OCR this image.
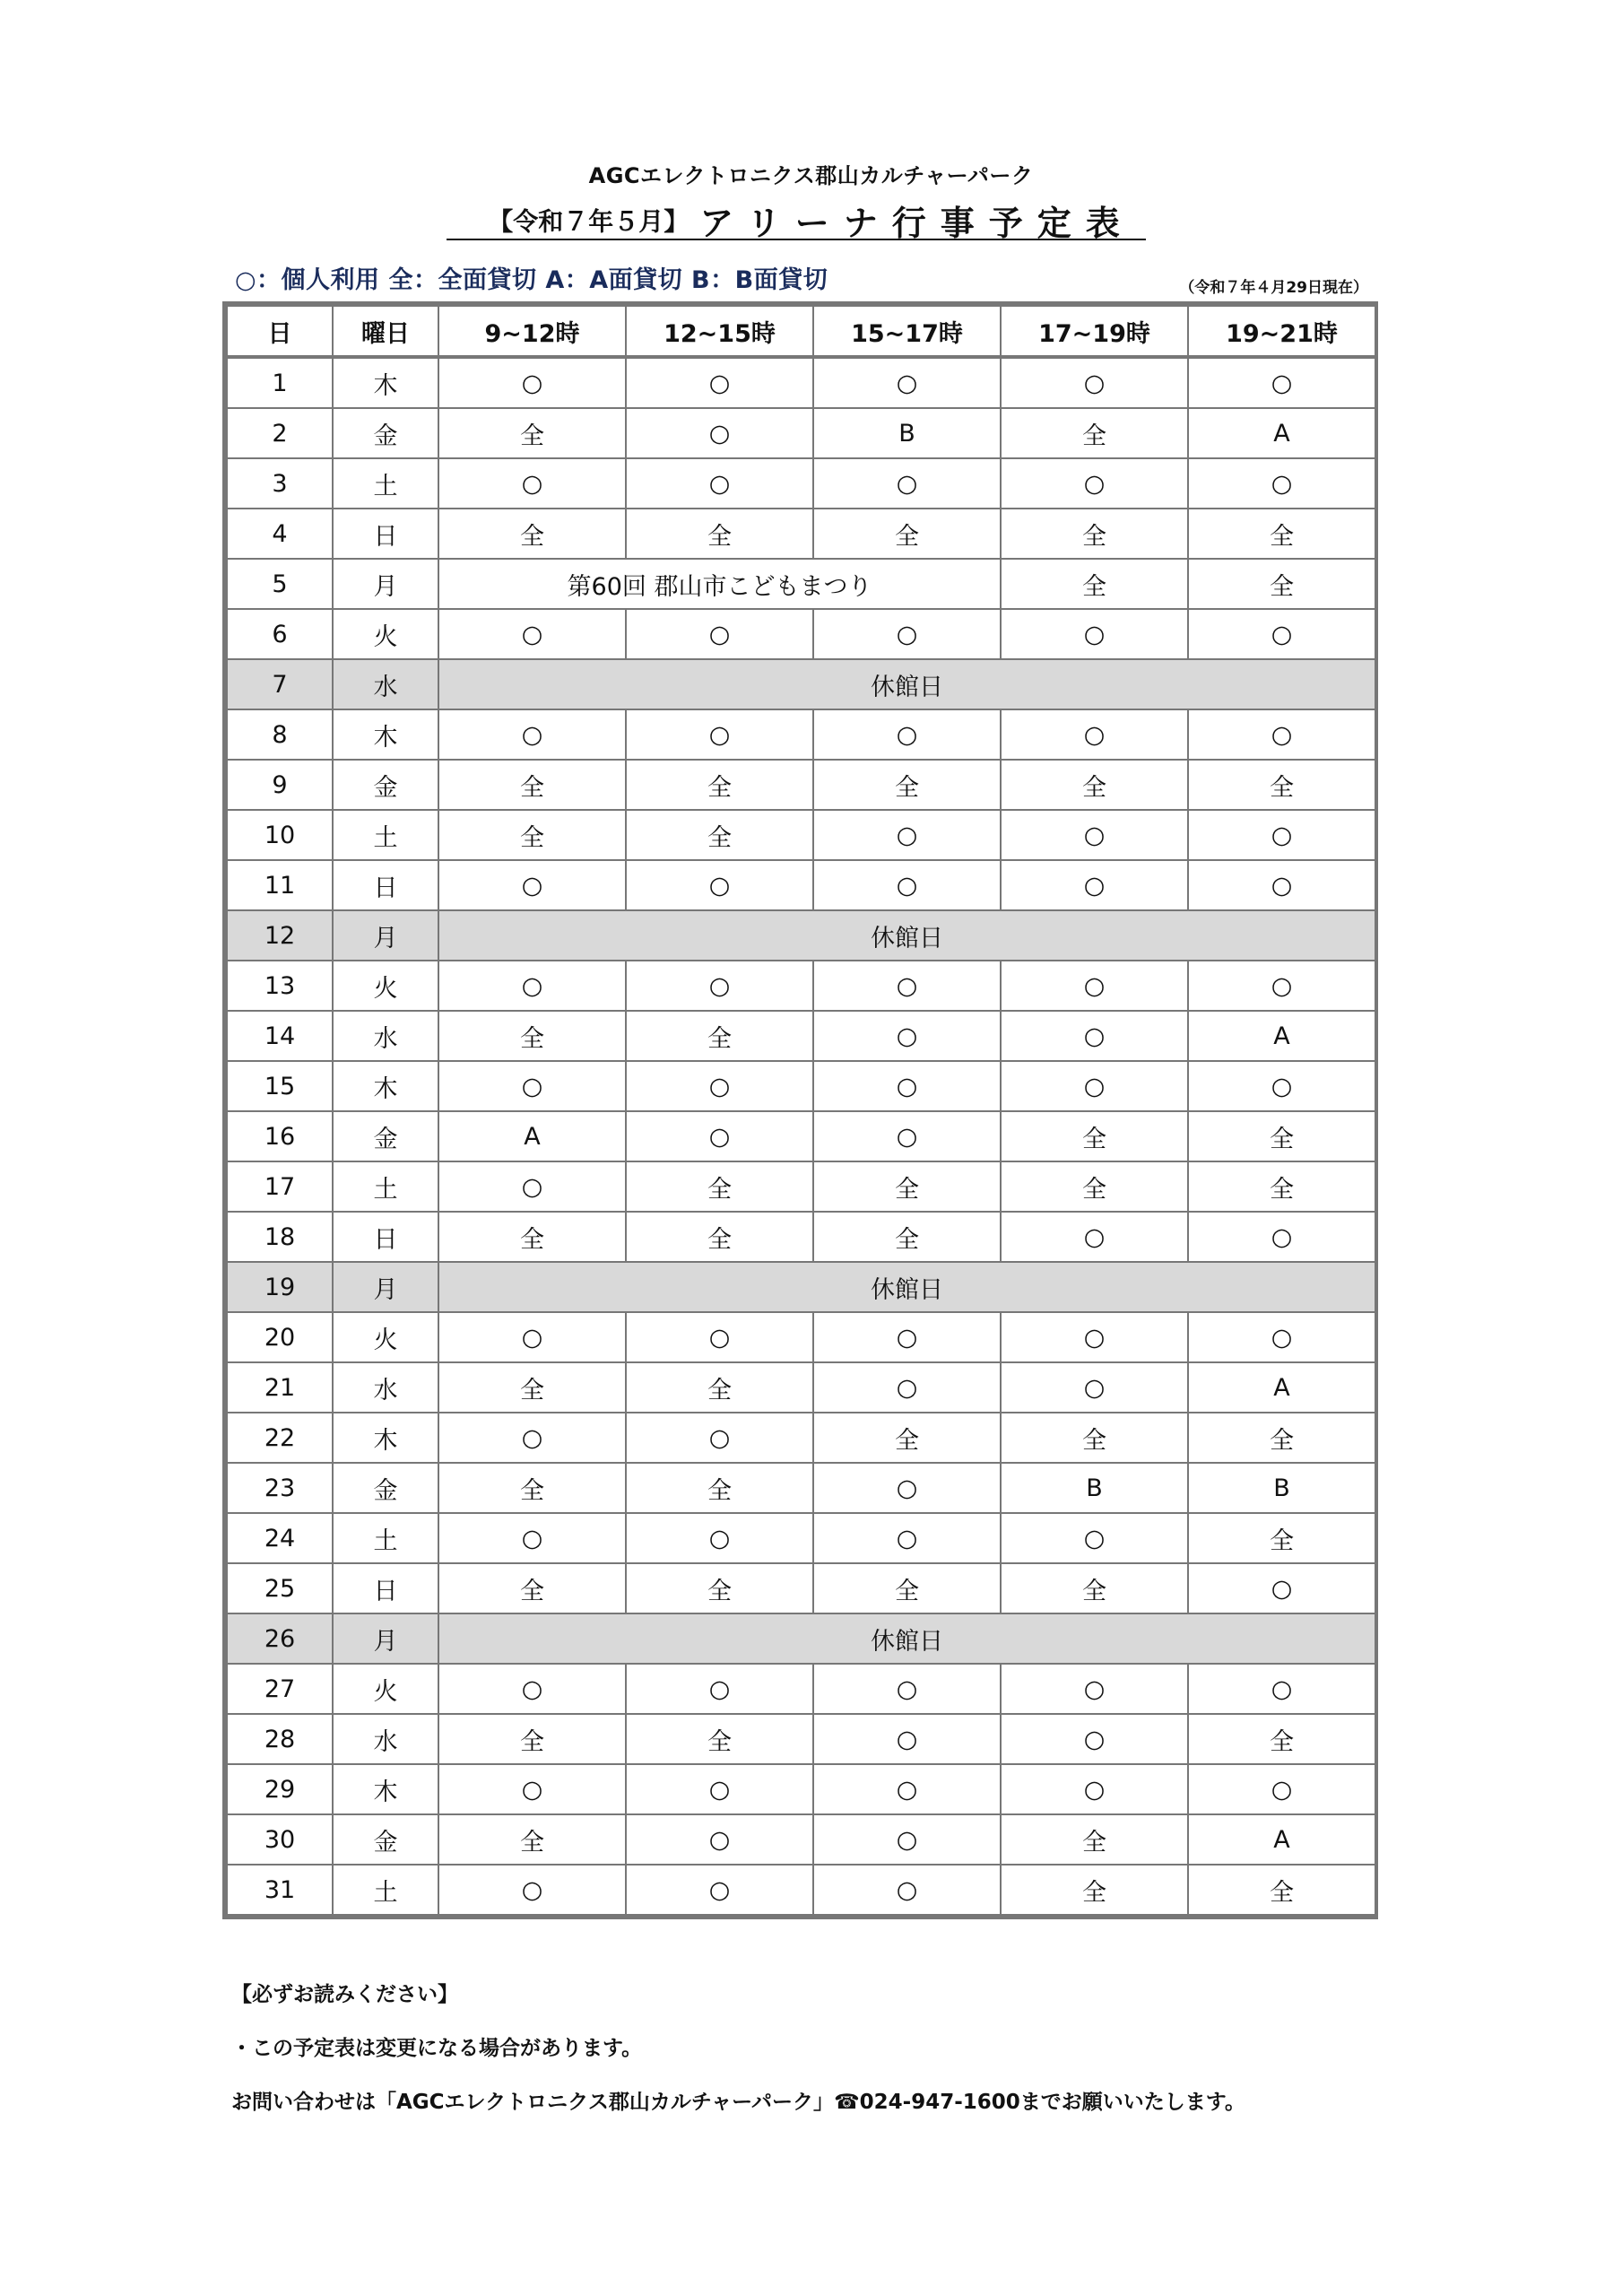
AGCエレクトロニクス郡山カルチャーパーク
【令和７年５月】 アリーナ行事予定表
○：個人利用 全：全面貸切 A：A面貸切 B：B面貸切	（令和７年４月29日現在）
日	曜日	9~12時	12~15時	15~17時	17~19時	19~21時
1	木	○	○	○	○	○
2	金	全	○	B	全	A
3	土	○	○	○	○	○
4	日	全	全	全	全	全
5	月	第60回 郡山市こどもまつり			全	全
6	火	○	○	○	○	○
7	水	休館日				
8	木	○	○	○	○	○
9	金	全	全	全	全	全
10	土	全	全	○	○	○
11	日	○	○	○	○	○
12	月	休館日				
13	火	○	○	○	○	○
14	水	全	全	○	○	A
15	木	○	○	○	○	○
16	金	A	○	○	全	全
17	土	○	全	全	全	全
18	日	全	全	全	○	○
19	月	休館日				
20	火	○	○	○	○	○
21	水	全	全	○	○	A
22	木	○	○	全	全	全
23	金	全	全	○	B	B
24	土	○	○	○	○	全
25	日	全	全	全	全	○
26	月	休館日				
27	火	○	○	○	○	○
28	水	全	全	○	○	全
29	木	○	○	○	○	○
30	金	全	○	○	全	A
31	土	○	○	○	全	全

【必ずお読みください】

・この予定表は変更になる場合があります。

お問い合わせは「AGCエレクトロニクス郡山カルチャーパーク」☎024-947-1600までお願いいたします。
